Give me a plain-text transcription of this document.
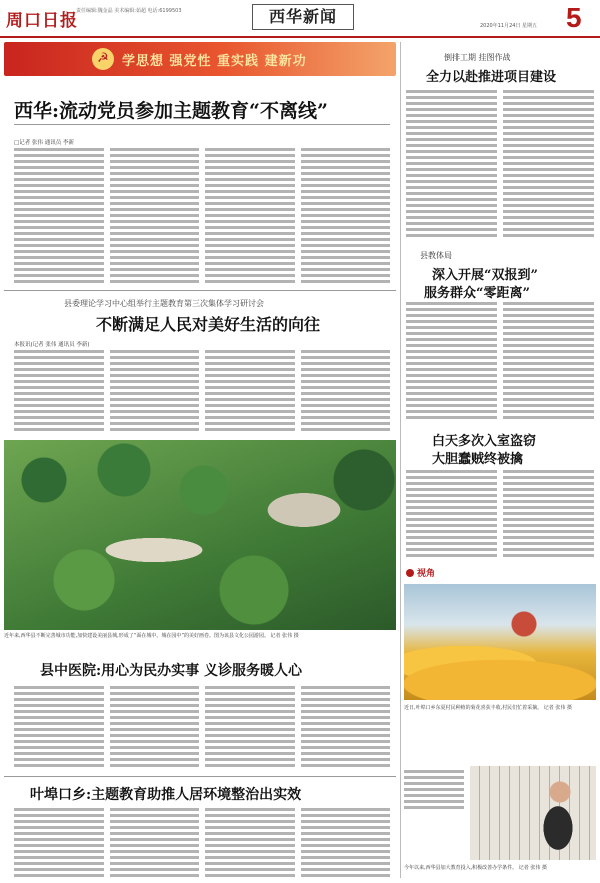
周口日报
责任编辑:魏金晶 美术编辑:茹超 电话:6199503	西华新闻	2020年11月24日 星期五 5
☭	学思想 强党性 重实践 建新功
西华:流动党员参加主题教育“不离线”
□记者 张伟 通讯员 李新
县委理论学习中心组举行主题教育第三次集体学习研讨会
不断满足人民对美好生活的向往
本报讯(记者 张伟 通讯员 李新)
近年来,西华县不断完善城市功能,加快建设美丽县城,形成了“面在城中、城在园中”的美好画卷。图为该县文化公园游园。 记者 张伟 摄
县中医院:用心为民办实事 义诊服务暖人心
叶埠口乡:主题教育助推人居环境整治出实效
倒排工期 挂图作战
全力以赴推进项目建设
县教体局
深入开展“双报到”
服务群众“零距离”
白天多次入室盗窃
大胆蠢贼终被擒
视角
近日,叶埠口乡东夏村民种植的菊花喜获丰收,村民们忙着采摘。 记者 张伟 摄
今年以来,西华县加大教育投入,积极改善办学条件。 记者 张伟 摄
